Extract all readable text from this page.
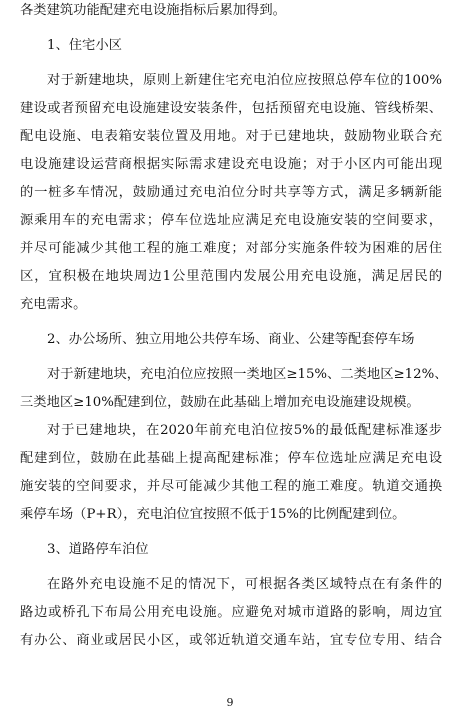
各类建筑功能配建充电设施指标后累加得到。
1、住宅小区
对于新建地块，原则上新建住宅充电泊位应按照总停车位的100%
建设或者预留充电设施建设安装条件，包括预留充电设施、管线桥架、
配电设施、电表箱安装位置及用地。对于已建地块，鼓励物业联合充
电设施建设运营商根据实际需求建设充电设施；对于小区内可能出现
的一桩多车情况，鼓励通过充电泊位分时共享等方式，满足多辆新能
源乘用车的充电需求；停车位选址应满足充电设施安装的空间要求，
并尽可能减少其他工程的施工难度；对部分实施条件较为困难的居住
区，宜积极在地块周边1公里范围内发展公用充电设施，满足居民的
充电需求。
2、办公场所、独立用地公共停车场、商业、公建等配套停车场
对于新建地块，充电泊位应按照一类地区≥15%、二类地区≥12%、
三类地区≥10%配建到位，鼓励在此基础上增加充电设施建设规模。
对于已建地块，在2020年前充电泊位按5%的最低配建标准逐步
配建到位，鼓励在此基础上提高配建标准；停车位选址应满足充电设
施安装的空间要求，并尽可能减少其他工程的施工难度。轨道交通换
乘停车场（P+R），充电泊位宜按照不低于15%的比例配建到位。
3、道路停车泊位
在路外充电设施不足的情况下，可根据各类区域特点在有条件的
路边或桥孔下布局公用充电设施。应避免对城市道路的影响，周边宜
有办公、商业或居民小区，或邻近轨道交通车站，宜专位专用、结合
9
